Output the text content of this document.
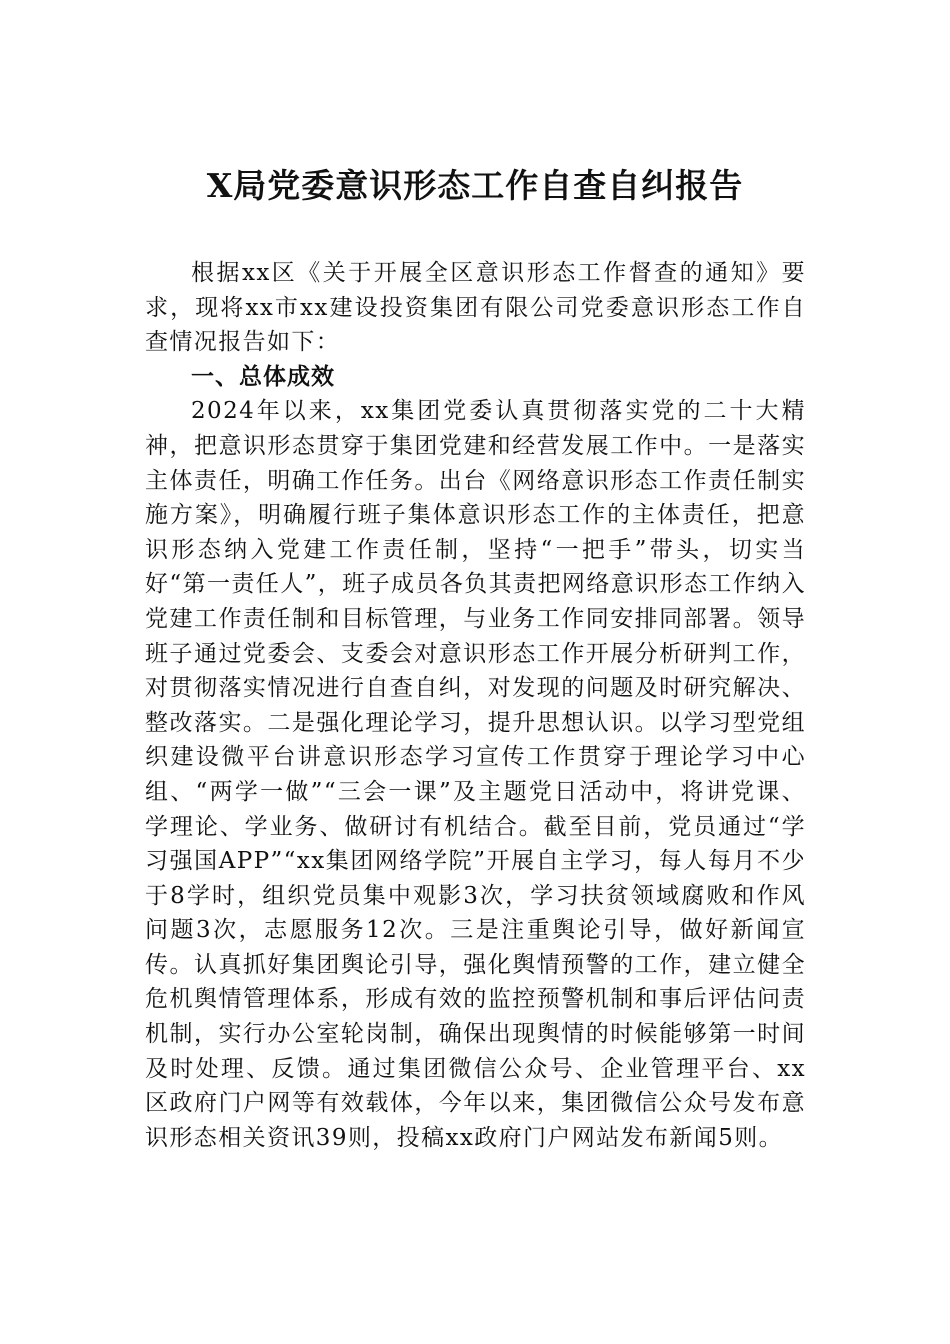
X局党委意识形态工作自查自纠报告

根据xx区《关于开展全区意识形态工作督查的通知》要求，现将xx市xx建设投资集团有限公司党委意识形态工作自查情况报告如下：

一、总体成效

2024年以来，xx集团党委认真贯彻落实党的二十大精神，把意识形态贯穿于集团党建和经营发展工作中。一是落实主体责任，明确工作任务。出台《网络意识形态工作责任制实施方案》，明确履行班子集体意识形态工作的主体责任，把意识形态纳入党建工作责任制，坚持“一把手”带头，切实当好“第一责任人”，班子成员各负其责把网络意识形态工作纳入党建工作责任制和目标管理，与业务工作同安排同部署。领导班子通过党委会、支委会对意识形态工作开展分析研判工作，对贯彻落实情况进行自查自纠，对发现的问题及时研究解决、整改落实。二是强化理论学习，提升思想认识。以学习型党组织建设微平台讲意识形态学习宣传工作贯穿于理论学习中心组、“两学一做”“三会一课”及主题党日活动中，将讲党课、学理论、学业务、做研讨有机结合。截至目前，党员通过“学习强国APP”“xx集团网络学院”开展自主学习，每人每月不少于8学时，组织党员集中观影3次，学习扶贫领域腐败和作风问题3次，志愿服务12次。三是注重舆论引导，做好新闻宣传。认真抓好集团舆论引导，强化舆情预警的工作，建立健全危机舆情管理体系，形成有效的监控预警机制和事后评估问责机制，实行办公室轮岗制，确保出现舆情的时候能够第一时间及时处理、反馈。通过集团微信公众号、企业管理平台、xx区政府门户网等有效载体，今年以来，集团微信公众号发布意识形态相关资讯39则，投稿xx政府门户网站发布新闻5则。
